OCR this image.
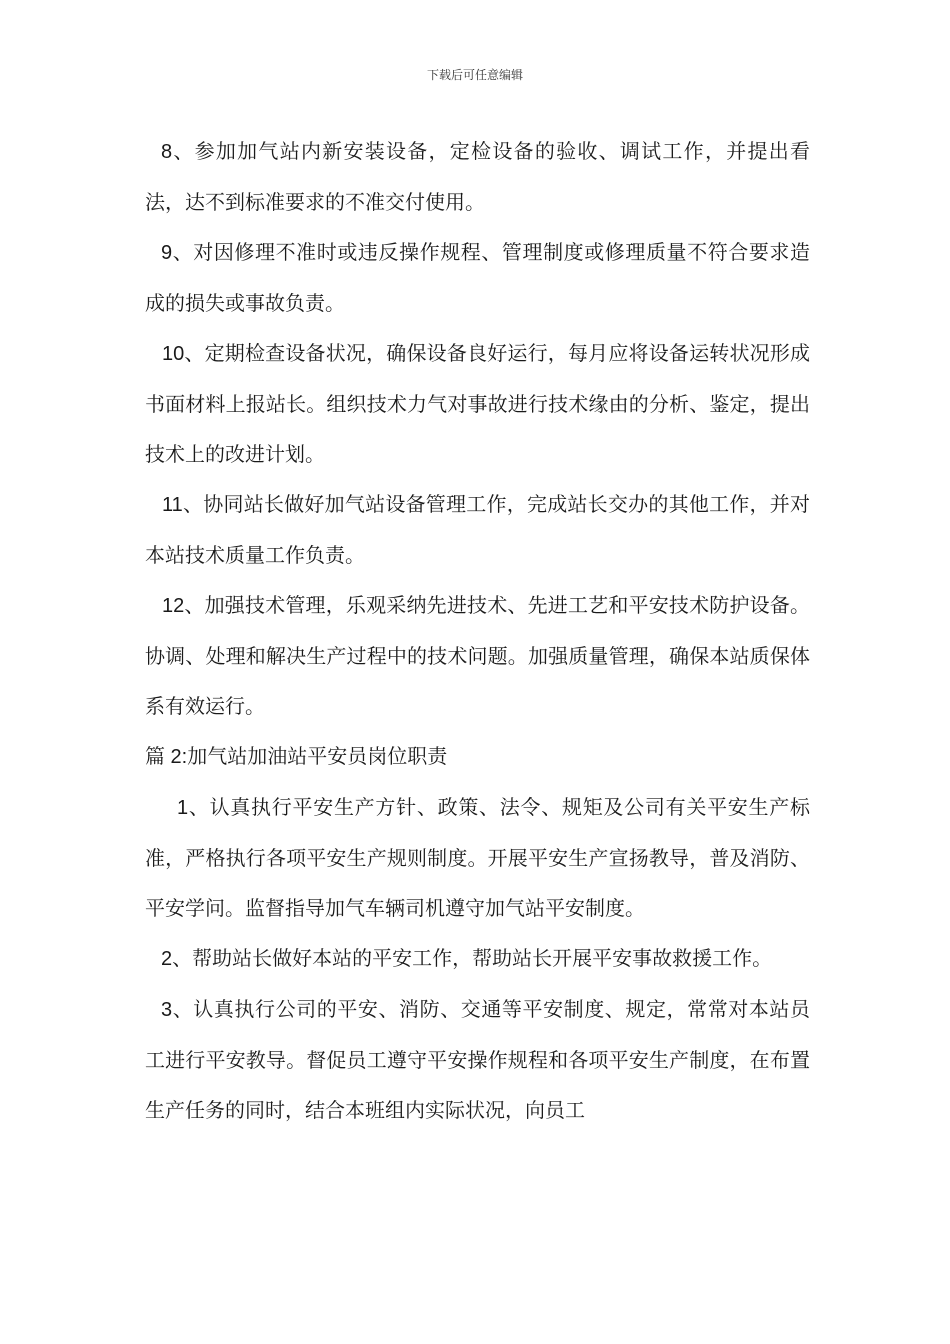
下载后可任意编辑

8、参加加气站内新安装设备，定检设备的验收、调试工作，并提出看法，达不到标准要求的不准交付使用。

9、对因修理不准时或违反操作规程、管理制度或修理质量不符合要求造成的损失或事故负责。

10、定期检查设备状况，确保设备良好运行，每月应将设备运转状况形成书面材料上报站长。组织技术力气对事故进行技术缘由的分析、鉴定，提出技术上的改进计划。

11、协同站长做好加气站设备管理工作，完成站长交办的其他工作，并对本站技术质量工作负责。

12、加强技术管理，乐观采纳先进技术、先进工艺和平安技术防护设备。协调、处理和解决生产过程中的技术问题。加强质量管理，确保本站质保体系有效运行。

篇 2:加气站加油站平安员岗位职责

1、认真执行平安生产方针、政策、法令、规矩及公司有关平安生产标准，严格执行各项平安生产规则制度。开展平安生产宣扬教导，普及消防、平安学问。监督指导加气车辆司机遵守加气站平安制度。

2、帮助站长做好本站的平安工作，帮助站长开展平安事故救援工作。

3、认真执行公司的平安、消防、交通等平安制度、规定，常常对本站员工进行平安教导。督促员工遵守平安操作规程和各项平安生产制度，在布置生产任务的同时，结合本班组内实际状况，向员工
